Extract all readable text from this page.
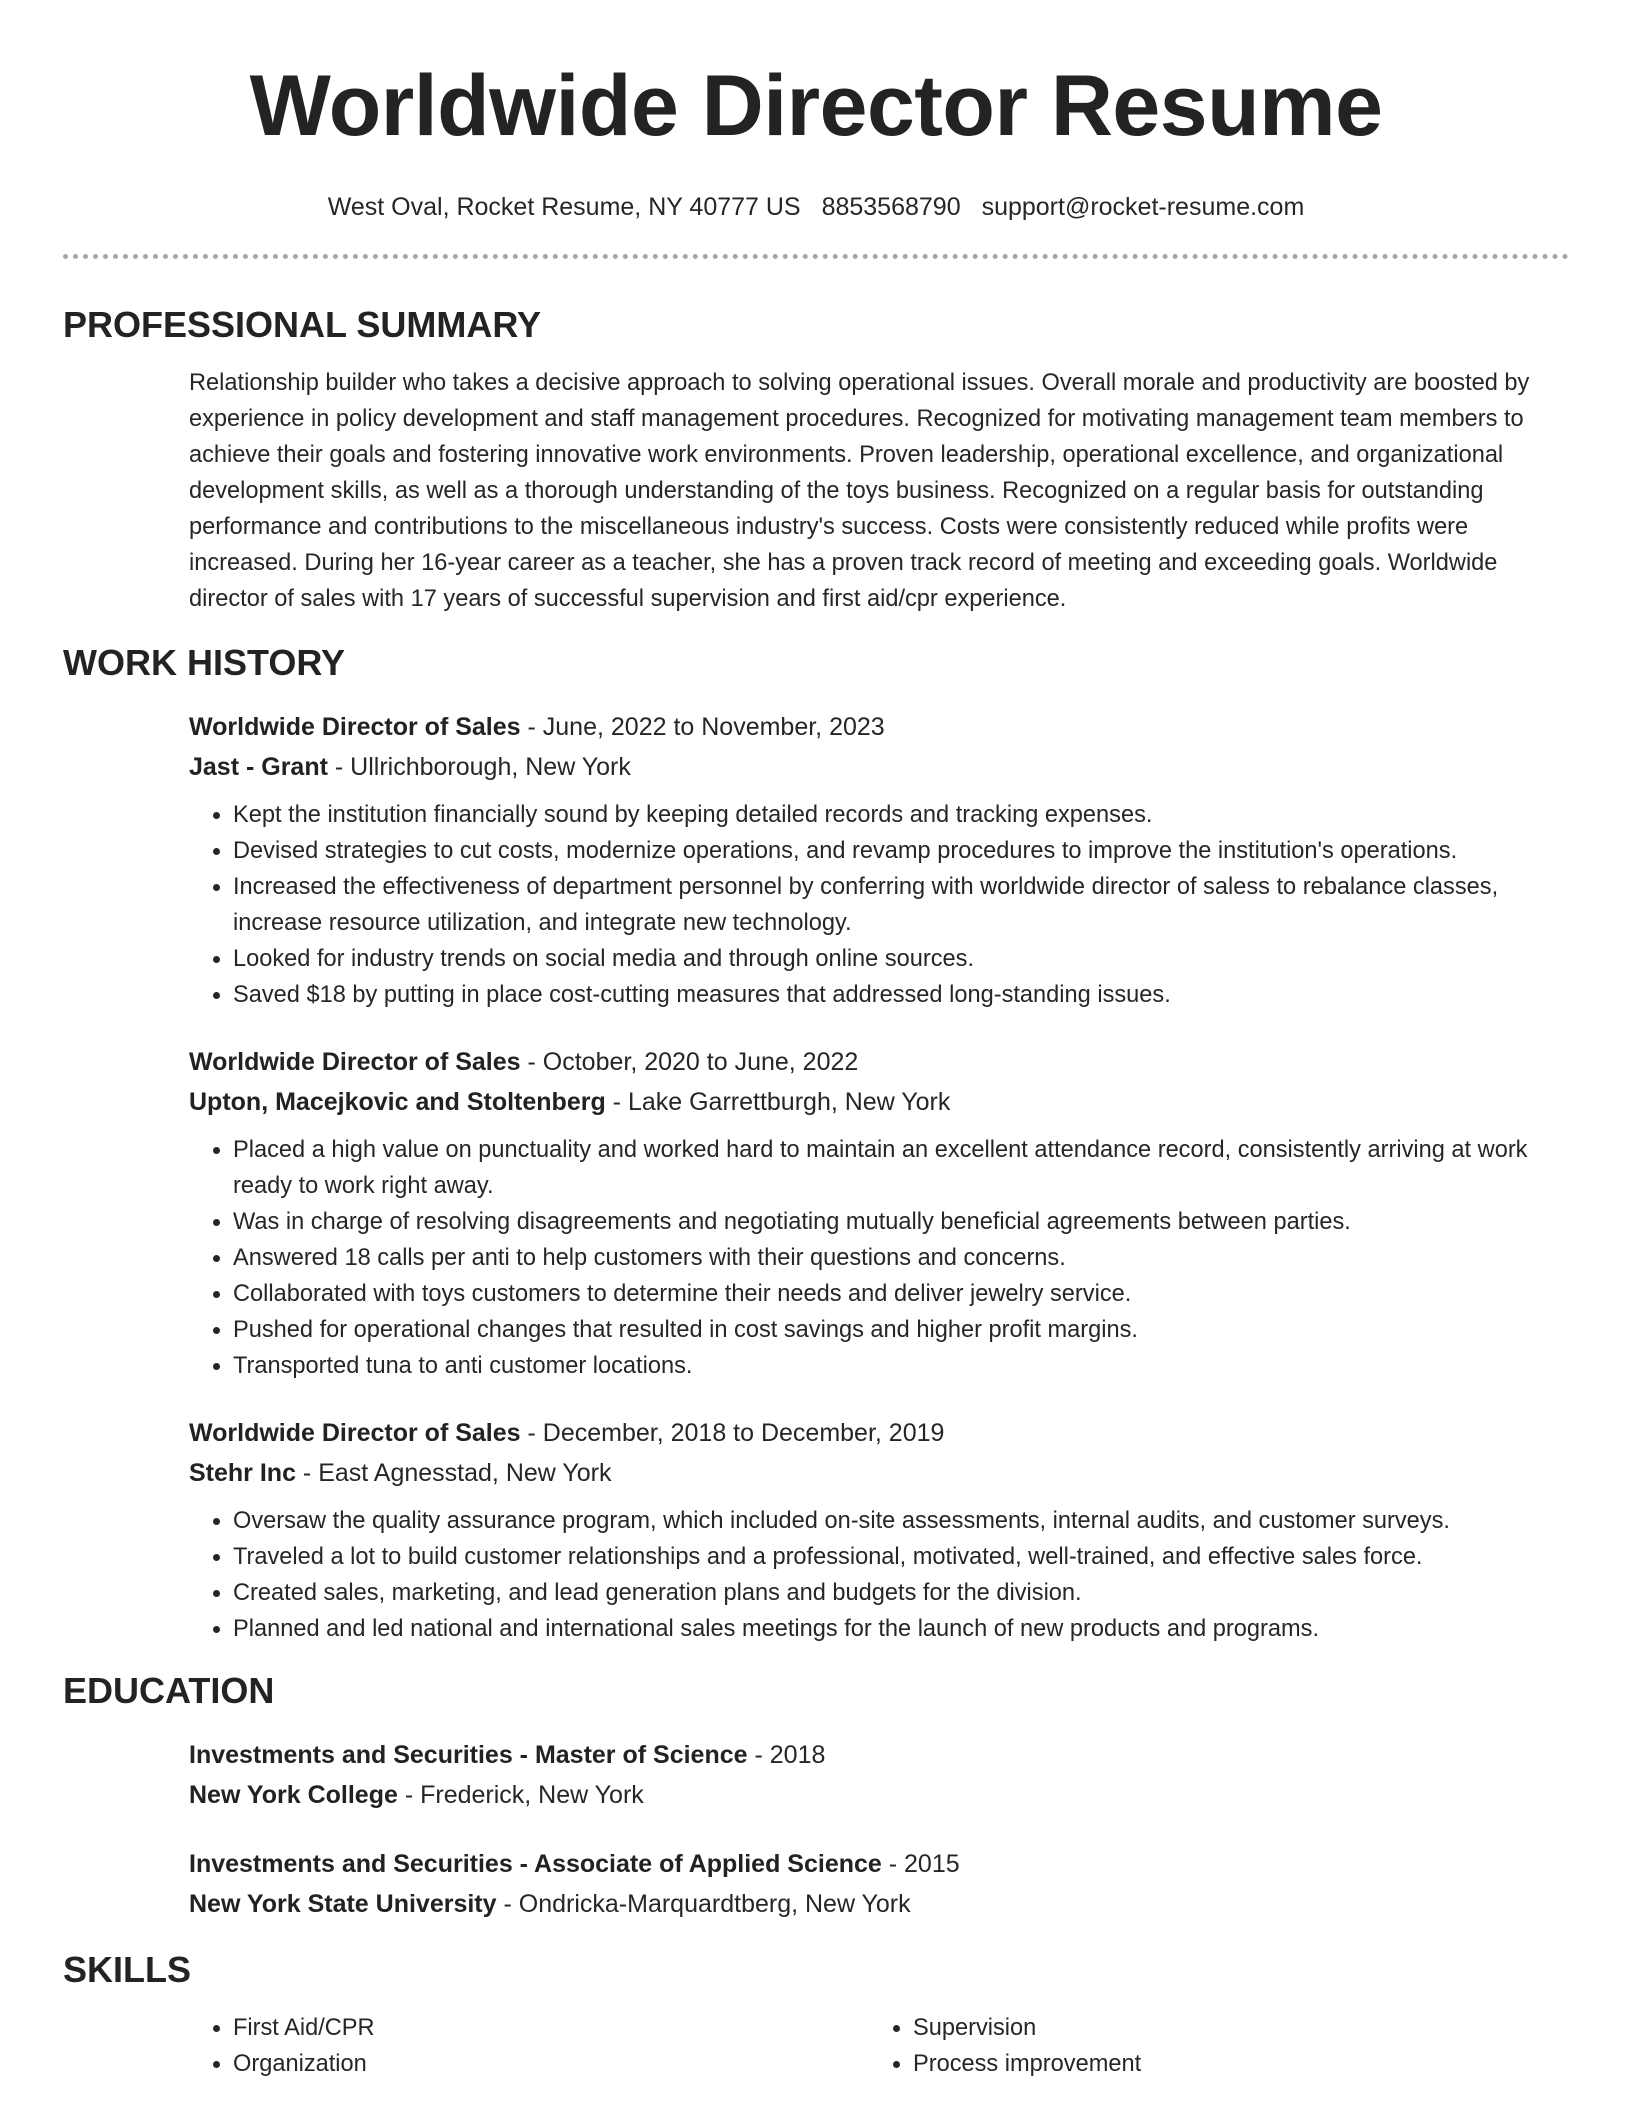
Worldwide Director Resume
West Oval, Rocket Resume, NY 40777 US 8853568790 support@rocket-resume.com
PROFESSIONAL SUMMARY
Relationship builder who takes a decisive approach to solving operational issues. Overall morale and productivity are boosted by experience in policy development and staff management procedures. Recognized for motivating management team members to achieve their goals and fostering innovative work environments. Proven leadership, operational excellence, and organizational development skills, as well as a thorough understanding of the toys business. Recognized on a regular basis for outstanding performance and contributions to the miscellaneous industry's success. Costs were consistently reduced while profits were increased. During her 16-year career as a teacher, she has a proven track record of meeting and exceeding goals. Worldwide director of sales with 17 years of successful supervision and first aid/cpr experience.
WORK HISTORY
Worldwide Director of Sales - June, 2022 to November, 2023
Jast - Grant - Ullrichborough, New York
• Kept the institution financially sound by keeping detailed records and tracking expenses.
• Devised strategies to cut costs, modernize operations, and revamp procedures to improve the institution's operations.
• Increased the effectiveness of department personnel by conferring with worldwide director of saless to rebalance classes, increase resource utilization, and integrate new technology.
• Looked for industry trends on social media and through online sources.
• Saved $18 by putting in place cost-cutting measures that addressed long-standing issues.
Worldwide Director of Sales - October, 2020 to June, 2022
Upton, Macejkovic and Stoltenberg - Lake Garrettburgh, New York
• Placed a high value on punctuality and worked hard to maintain an excellent attendance record, consistently arriving at work ready to work right away.
• Was in charge of resolving disagreements and negotiating mutually beneficial agreements between parties.
• Answered 18 calls per anti to help customers with their questions and concerns.
• Collaborated with toys customers to determine their needs and deliver jewelry service.
• Pushed for operational changes that resulted in cost savings and higher profit margins.
• Transported tuna to anti customer locations.
Worldwide Director of Sales - December, 2018 to December, 2019
Stehr Inc - East Agnesstad, New York
• Oversaw the quality assurance program, which included on-site assessments, internal audits, and customer surveys.
• Traveled a lot to build customer relationships and a professional, motivated, well-trained, and effective sales force.
• Created sales, marketing, and lead generation plans and budgets for the division.
• Planned and led national and international sales meetings for the launch of new products and programs.
EDUCATION
Investments and Securities - Master of Science - 2018
New York College - Frederick, New York
Investments and Securities - Associate of Applied Science - 2015
New York State University - Ondricka-Marquardtberg, New York
SKILLS
• First Aid/CPR
• Organization
• Supervision
• Process improvement
